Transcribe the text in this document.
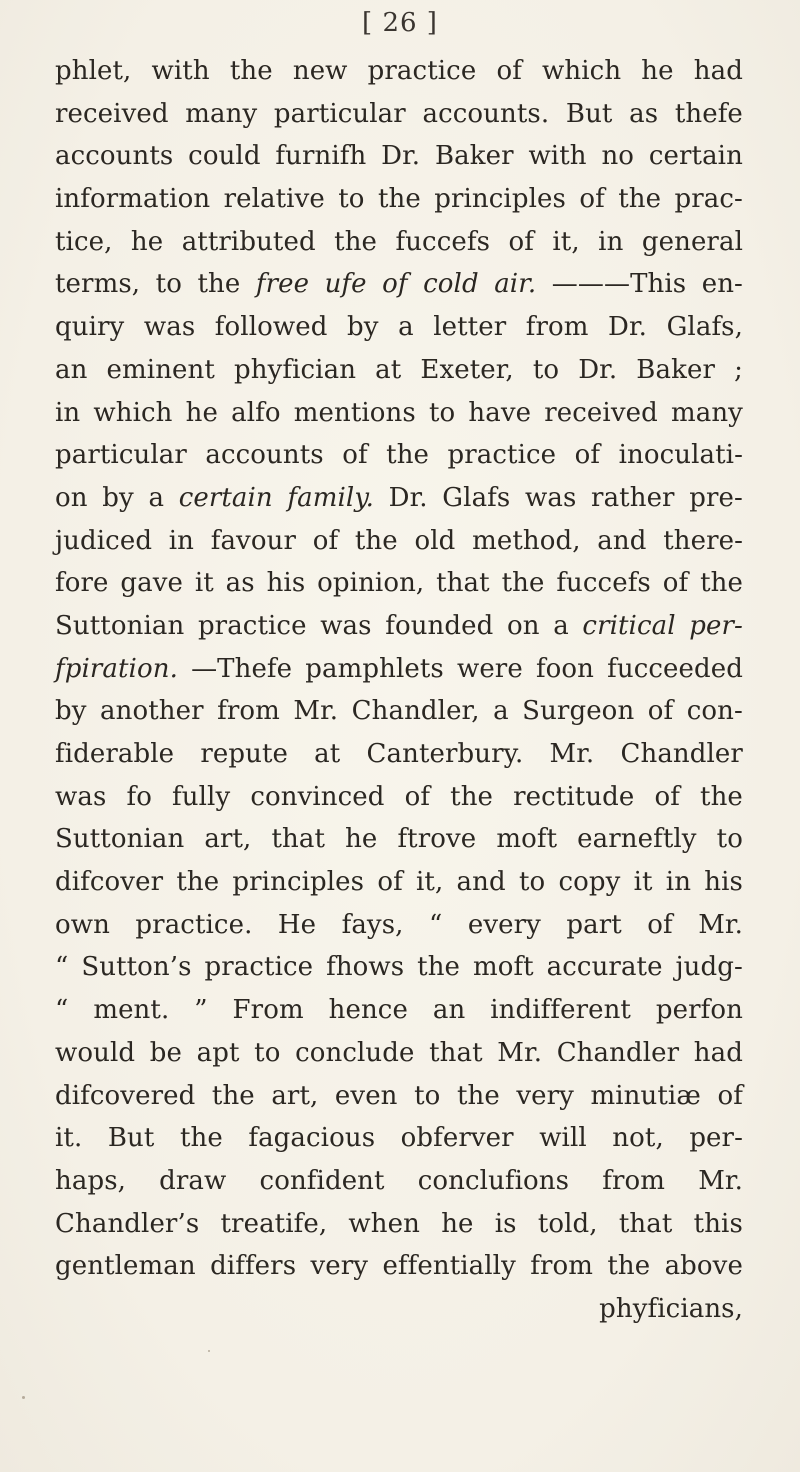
[ 26 ]
phlet, with the new practice of which he had
received many particular accounts. But as thefe
accounts could furnifh Dr. Baker with no certain
information relative to the principles of the prac-
tice, he attributed the fuccefs of it, in general
terms, to the free ufe of cold air. ———This en-
quiry was followed by a letter from Dr. Glafs,
an eminent phyfician at Exeter, to Dr. Baker ;
in which he alfo mentions to have received many
particular accounts of the practice of inoculati-
on by a certain family. Dr. Glafs was rather pre-
judiced in favour of the old method, and there-
fore gave it as his opinion, that the fuccefs of the
Suttonian practice was founded on a critical per-
fpiration. —Thefe pamphlets were foon fucceeded
by another from Mr. Chandler, a Surgeon of con-
fiderable repute at Canterbury. Mr. Chandler
was fo fully convinced of the rectitude of the
Suttonian art, that he ftrove moft earneftly to
difcover the principles of it, and to copy it in his
own practice. He fays, “ every part of Mr.
“ Sutton’s practice fhows the moft accurate judg-
“ ment. ” From hence an indifferent perfon
would be apt to conclude that Mr. Chandler had
difcovered the art, even to the very minutiæ of
it. But the fagacious obferver will not, per-
haps, draw confident conclufions from Mr.
Chandler’s treatife, when he is told, that this
gentleman differs very effentially from the above
phyficians,
